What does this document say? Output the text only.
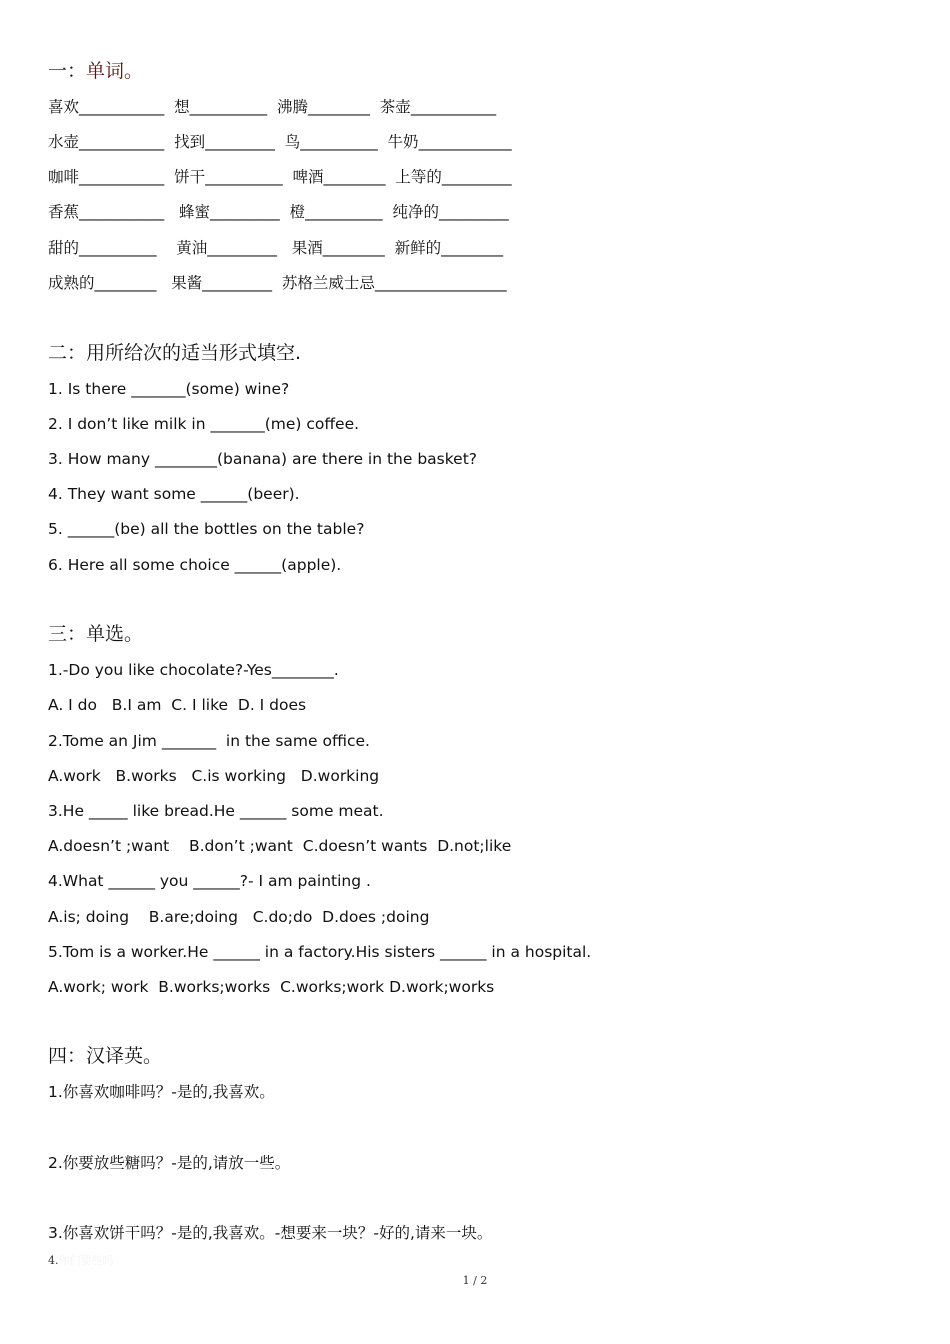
一：单词。
喜欢___________  想__________  沸腾________  茶壶___________
水壶___________  找到_________  鸟__________  牛奶____________
咖啡___________  饼干__________  啤酒________  上等的_________
香蕉___________   蜂蜜_________  橙__________  纯净的_________
甜的__________    黄油_________   果酒________  新鲜的________
成熟的________   果酱_________  苏格兰威士忌_________________
二：用所给次的适当形式填空.
1. Is there _______(some) wine?
2. I don’t like milk in _______(me) coffee.
3. How many ________(banana) are there in the basket?
4. They want some ______(beer).
5. ______(be) all the bottles on the table?
6. Here all some choice ______(apple).
三：单选。
1.-Do you like chocolate?-Yes________.
A. I do   B.I am  C. I like  D. I does
2.Tome an Jim _______  in the same office.
A.work   B.works   C.is working   D.working
3.He _____ like bread.He ______ some meat.
A.doesn’t ;want    B.don’t ;want  C.doesn’t wants  D.not;like
4.What ______ you ______?- I am painting .
A.is; doing    B.are;doing   C.do;do  D.does ;doing
5.Tom is a worker.He ______ in a factory.His sisters ______ in a hospital.
A.work; work  B.works;works  C.works;work D.work;works
四：汉译英。
1.你喜欢咖啡吗？-是的,我喜欢。
2.你要放些糖吗？-是的,请放一些。
3.你喜欢饼干吗？-是的,我喜欢。-想要来一块？-好的,请来一块。
4.你们要些吗
1 / 2
